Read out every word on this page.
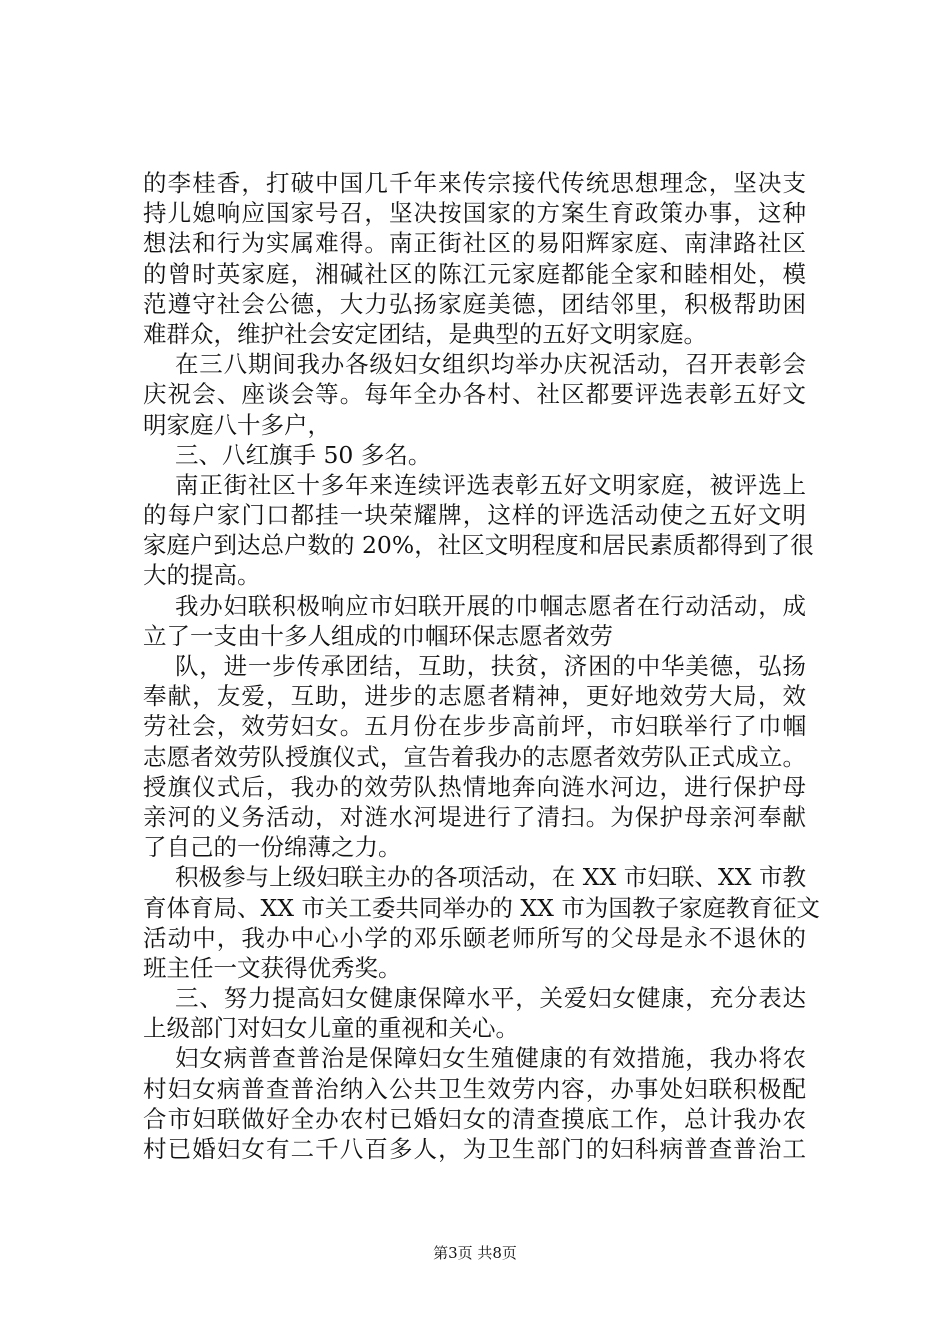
的李桂香，打破中国几千年来传宗接代传统思想理念，坚决支
持儿媳响应国家号召，坚决按国家的方案生育政策办事，这种
想法和行为实属难得。南正街社区的易阳辉家庭、南津路社区
的曾时英家庭，湘碱社区的陈江元家庭都能全家和睦相处，模
范遵守社会公德，大力弘扬家庭美德，团结邻里，积极帮助困
难群众，维护社会安定团结，是典型的五好文明家庭。
在三八期间我办各级妇女组织均举办庆祝活动，召开表彰会
庆祝会、座谈会等。每年全办各村、社区都要评选表彰五好文
明家庭八十多户，
三、八红旗手 50 多名。
南正街社区十多年来连续评选表彰五好文明家庭，被评选上
的每户家门口都挂一块荣耀牌，这样的评选活动使之五好文明
家庭户到达总户数的 20%，社区文明程度和居民素质都得到了很
大的提高。
我办妇联积极响应市妇联开展的巾帼志愿者在行动活动，成
立了一支由十多人组成的巾帼环保志愿者效劳
队，进一步传承团结，互助，扶贫，济困的中华美德，弘扬
奉献，友爱，互助，进步的志愿者精神，更好地效劳大局，效
劳社会，效劳妇女。五月份在步步高前坪，市妇联举行了巾帼
志愿者效劳队授旗仪式，宣告着我办的志愿者效劳队正式成立。
授旗仪式后，我办的效劳队热情地奔向涟水河边，进行保护母
亲河的义务活动，对涟水河堤进行了清扫。为保护母亲河奉献
了自己的一份绵薄之力。
积极参与上级妇联主办的各项活动，在 XX 市妇联、XX 市教
育体育局、XX 市关工委共同举办的 XX 市为国教子家庭教育征文
活动中，我办中心小学的邓乐颐老师所写的父母是永不退休的
班主任一文获得优秀奖。
三、努力提高妇女健康保障水平，关爱妇女健康，充分表达
上级部门对妇女儿童的重视和关心。
妇女病普查普治是保障妇女生殖健康的有效措施，我办将农
村妇女病普查普治纳入公共卫生效劳内容，办事处妇联积极配
合市妇联做好全办农村已婚妇女的清查摸底工作，总计我办农
村已婚妇女有二千八百多人，为卫生部门的妇科病普查普治工
第3页 共8页
